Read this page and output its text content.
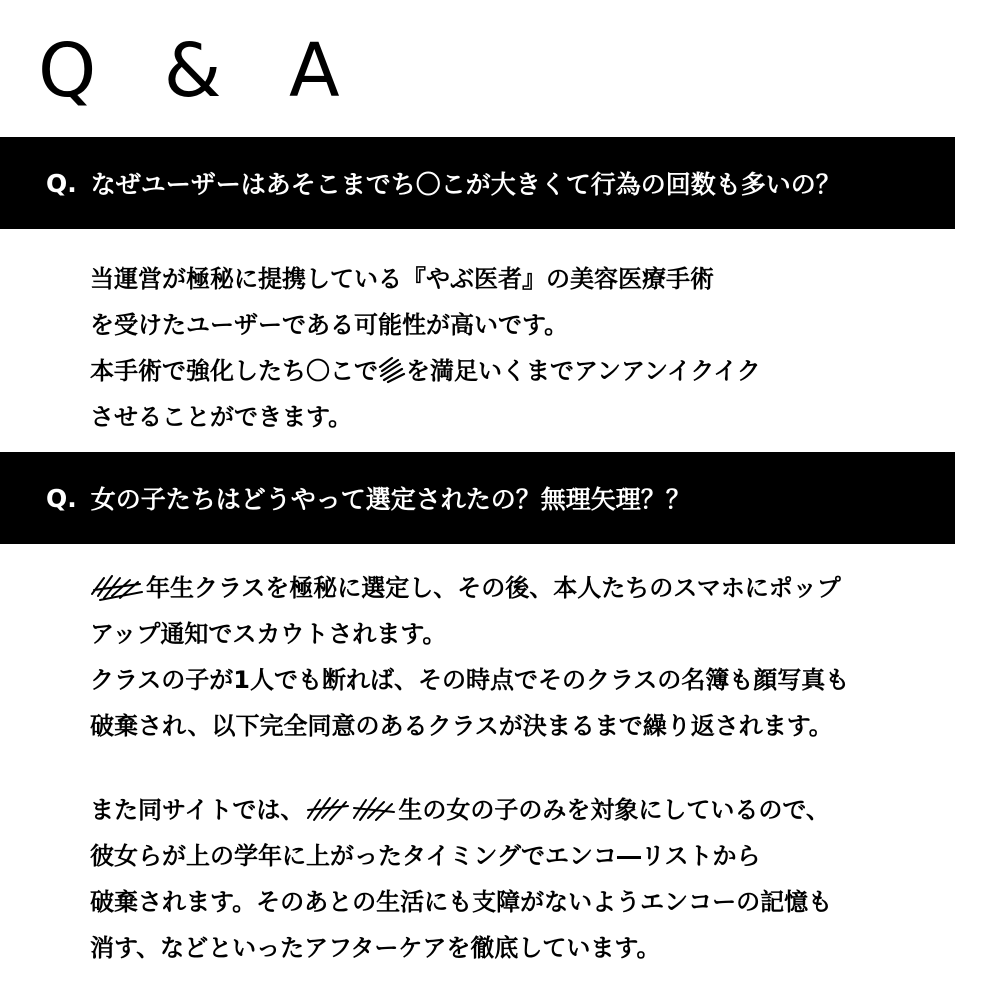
Q & A
Q. なぜユーザーはあそこまでち〇こが大きくて行為の回数も多いの？
当運営が極秘に提携している『やぶ医者』の美容医療手術
を受けたユーザーである可能性が高いです。
本手術で強化したち〇こで を満足いくまでアンアンイクイク
させることができます。
Q. 女の子たちはどうやって選定されたの？無理矢理？？
年生クラスを極秘に選定し、その後、本人たちのスマホにポップ
アップ通知でスカウトされます。
クラスの子が1人でも断れば、その時点でそのクラスの名簿も顔写真も
破棄され、以下完全同意のあるクラスが決まるまで繰り返されます。
また同サイトでは、	生の女の子のみを対象にしているので、
彼女らが上の学年に上がったタイミングでエンコ―リストから
破棄されます。そのあとの生活にも支障がないようエンコーの記憶も
消す、などといったアフターケアを徹底しています。
